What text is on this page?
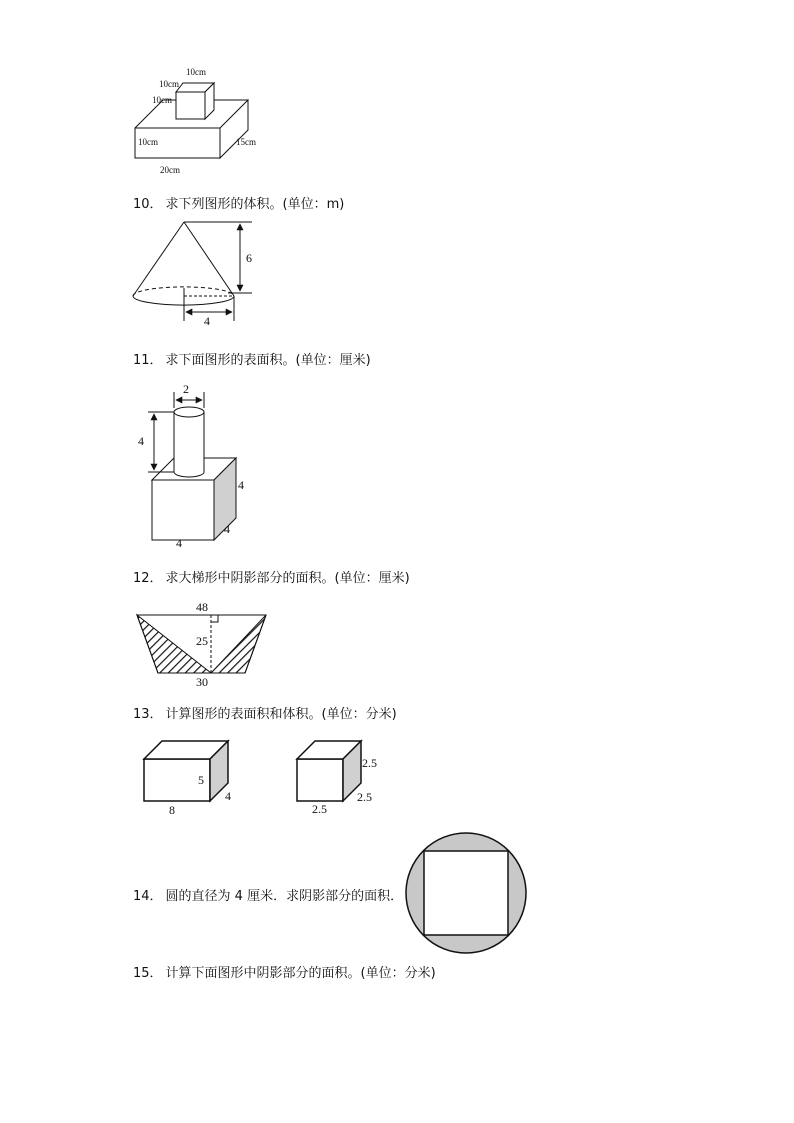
10cm
10cm
10cm
10cm	15cm
20cm
10． 求下列图形的体积。(单位：m)
6
4
11． 求下面图形的表面积。(单位：厘米)
2
4
4
4
4
12． 求大梯形中阴影部分的面积。(单位：厘米)
48
25
30
13． 计算图形的表面积和体积。(单位：分米)
5
4
8
2.5
2.5
2.5
14． 圆的直径为 4 厘米．求阴影部分的面积．
15． 计算下面图形中阴影部分的面积。(单位：分米)
